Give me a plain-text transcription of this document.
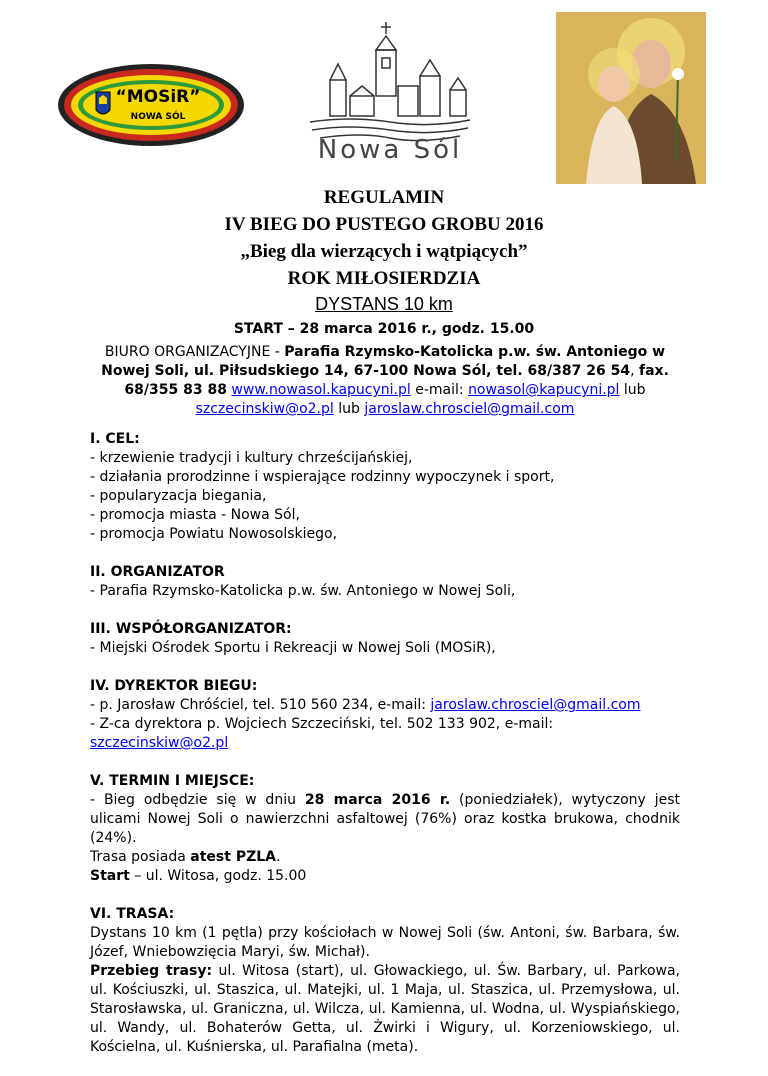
“MOSiR”
NOWA SÓL
Nowa Sól
REGULAMIN
IV BIEG DO PUSTEGO GROBU 2016
„Bieg dla wierzących i wątpiących”
ROK MIŁOSIERDZIA
DYSTANS 10 km
START – 28 marca 2016 r., godz. 15.00
BIURO ORGANIZACYJNE - Parafia Rzymsko-Katolicka p.w. św. Antoniego w Nowej Soli, ul. Piłsudskiego 14, 67-100 Nowa Sól, tel. 68/387 26 54, fax. 68/355 83 88 www.nowasol.kapucyni.pl e-mail: nowasol@kapucyni.pl lub szczecinskiw@o2.pl lub jaroslaw.chrosciel@gmail.com
I. CEL:
- krzewienie tradycji i kultury chrześcijańskiej,
- działania prorodzinne i wspierające rodzinny wypoczynek i sport,
- popularyzacja biegania,
- promocja miasta - Nowa Sól,
- promocja Powiatu Nowosolskiego,
II. ORGANIZATOR
- Parafia Rzymsko-Katolicka p.w. św. Antoniego w Nowej Soli,
III. WSPÓŁORGANIZATOR:
- Miejski Ośrodek Sportu i Rekreacji w Nowej Soli (MOSiR),
IV. DYREKTOR BIEGU:
- p. Jarosław Chróściel, tel. 510 560 234, e-mail: jaroslaw.chrosciel@gmail.com
- Z-ca dyrektora p. Wojciech Szczeciński, tel. 502 133 902, e-mail: szczecinskiw@o2.pl
V. TERMIN I MIEJSCE:
- Bieg odbędzie się w dniu 28 marca 2016 r. (poniedziałek), wytyczony jest ulicami Nowej Soli o nawierzchni asfaltowej (76%) oraz kostka brukowa, chodnik (24%).
Trasa posiada atest PZLA.
Start – ul. Witosa, godz. 15.00
VI. TRASA:
Dystans 10 km (1 pętla) przy kościołach w Nowej Soli (św. Antoni, św. Barbara, św. Józef, Wniebowzięcia Maryi, św. Michał).
Przebieg trasy: ul. Witosa (start), ul. Głowackiego, ul. Św. Barbary, ul. Parkowa, ul. Kościuszki, ul. Staszica, ul. Matejki, ul. 1 Maja, ul. Staszica, ul. Przemysłowa, ul. Starosławska, ul. Graniczna, ul. Wilcza, ul. Kamienna, ul. Wodna, ul. Wyspiańskiego, ul. Wandy, ul. Bohaterów Getta, ul. Żwirki i Wigury, ul. Korzeniowskiego, ul. Kościelna, ul. Kuśnierska, ul. Parafialna (meta).
